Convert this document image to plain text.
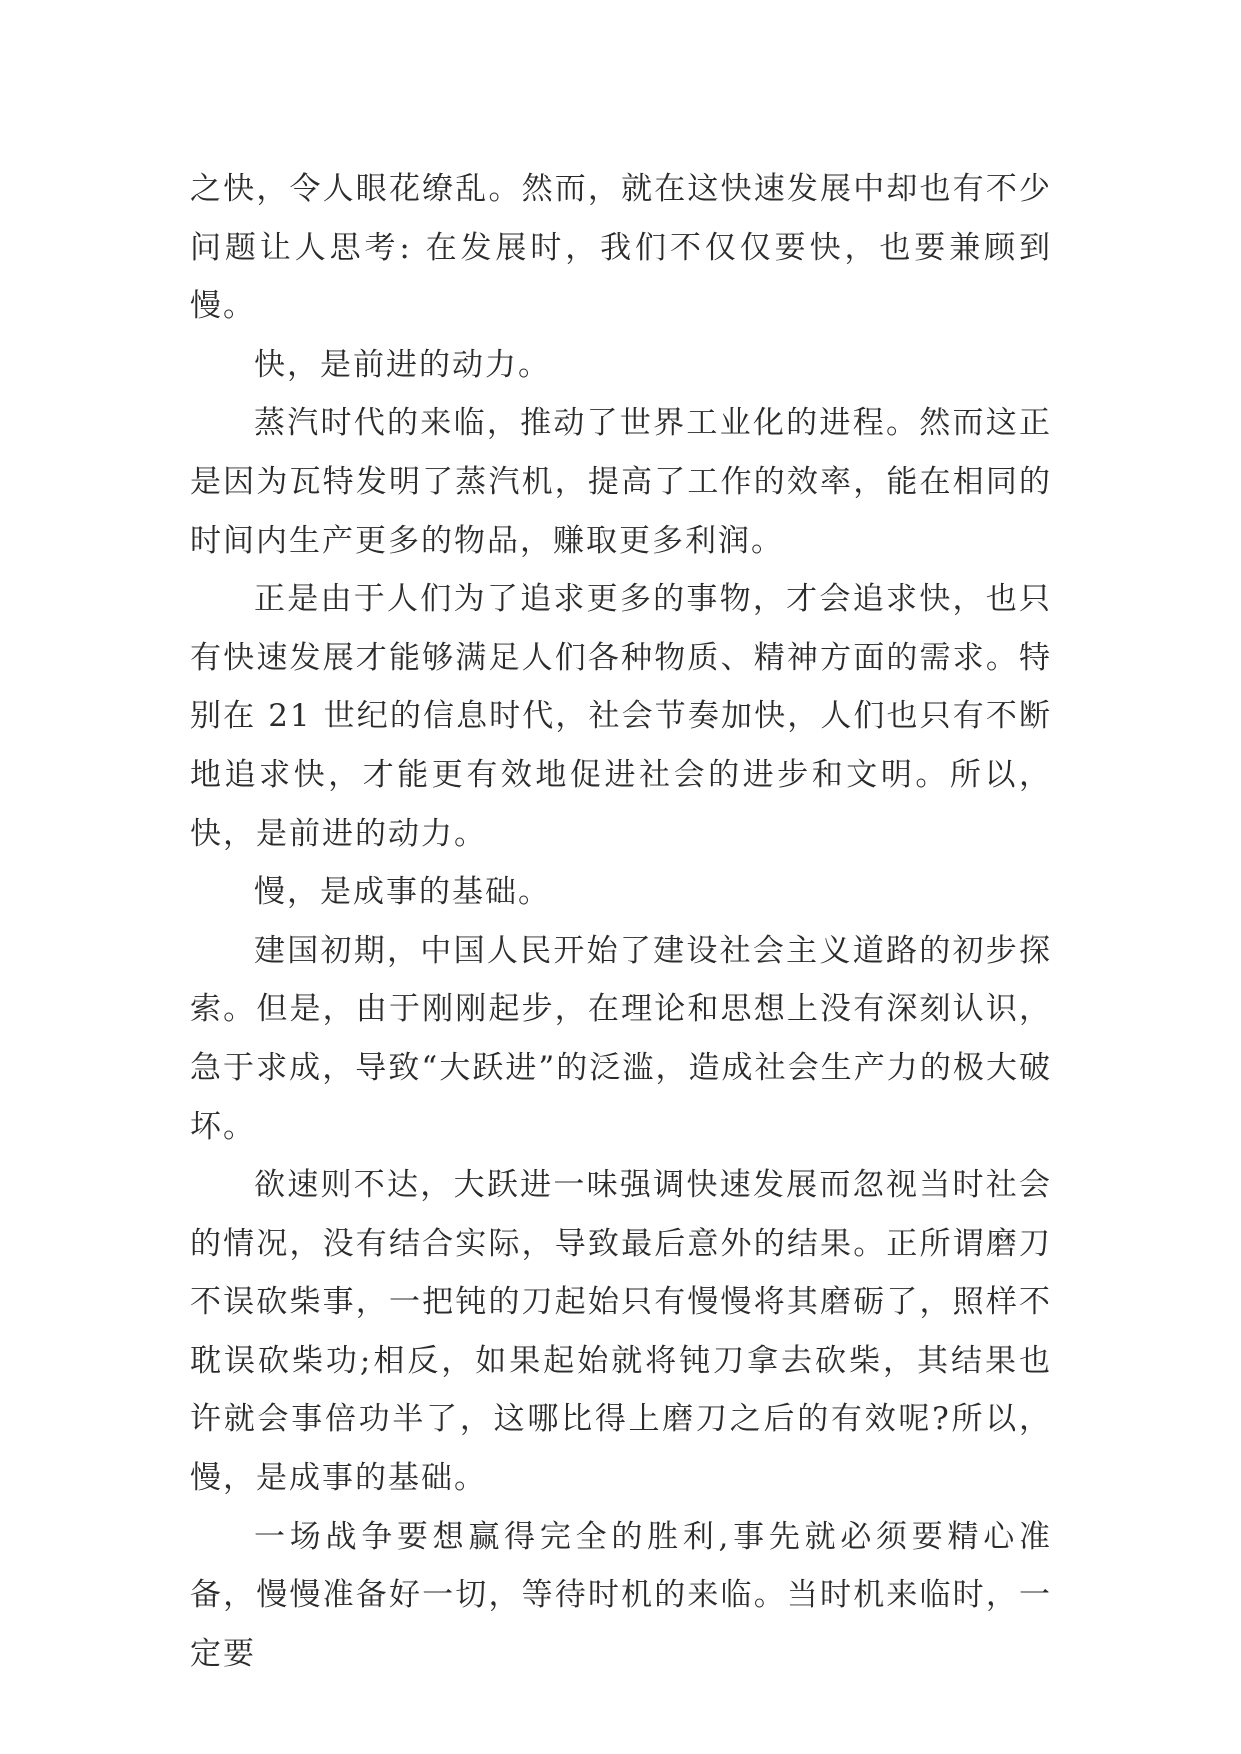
之快，令人眼花缭乱。然而，就在这快速发展中却也有不少问题让人思考: 在发展时，我们不仅仅要快，也要兼顾到慢。

快，是前进的动力。

蒸汽时代的来临，推动了世界工业化的进程。然而这正是因为瓦特发明了蒸汽机，提高了工作的效率，能在相同的时间内生产更多的物品，赚取更多利润。

正是由于人们为了追求更多的事物，才会追求快，也只有快速发展才能够满足人们各种物质、精神方面的需求。特别在 21 世纪的信息时代，社会节奏加快，人们也只有不断地追求快，才能更有效地促进社会的进步和文明。所以，快，是前进的动力。

慢，是成事的基础。

建国初期，中国人民开始了建设社会主义道路的初步探索。但是，由于刚刚起步，在理论和思想上没有深刻认识，急于求成，导致“大跃进”的泛滥，造成社会生产力的极大破坏。

欲速则不达，大跃进一味强调快速发展而忽视当时社会的情况，没有结合实际，导致最后意外的结果。正所谓磨刀不误砍柴事，一把钝的刀起始只有慢慢将其磨砺了，照样不耽误砍柴功;相反，如果起始就将钝刀拿去砍柴，其结果也许就会事倍功半了，这哪比得上磨刀之后的有效呢?所以，慢，是成事的基础。

一场战争要想赢得完全的胜利,事先就必须要精心准备，慢慢准备好一切，等待时机的来临。当时机来临时，一定要
